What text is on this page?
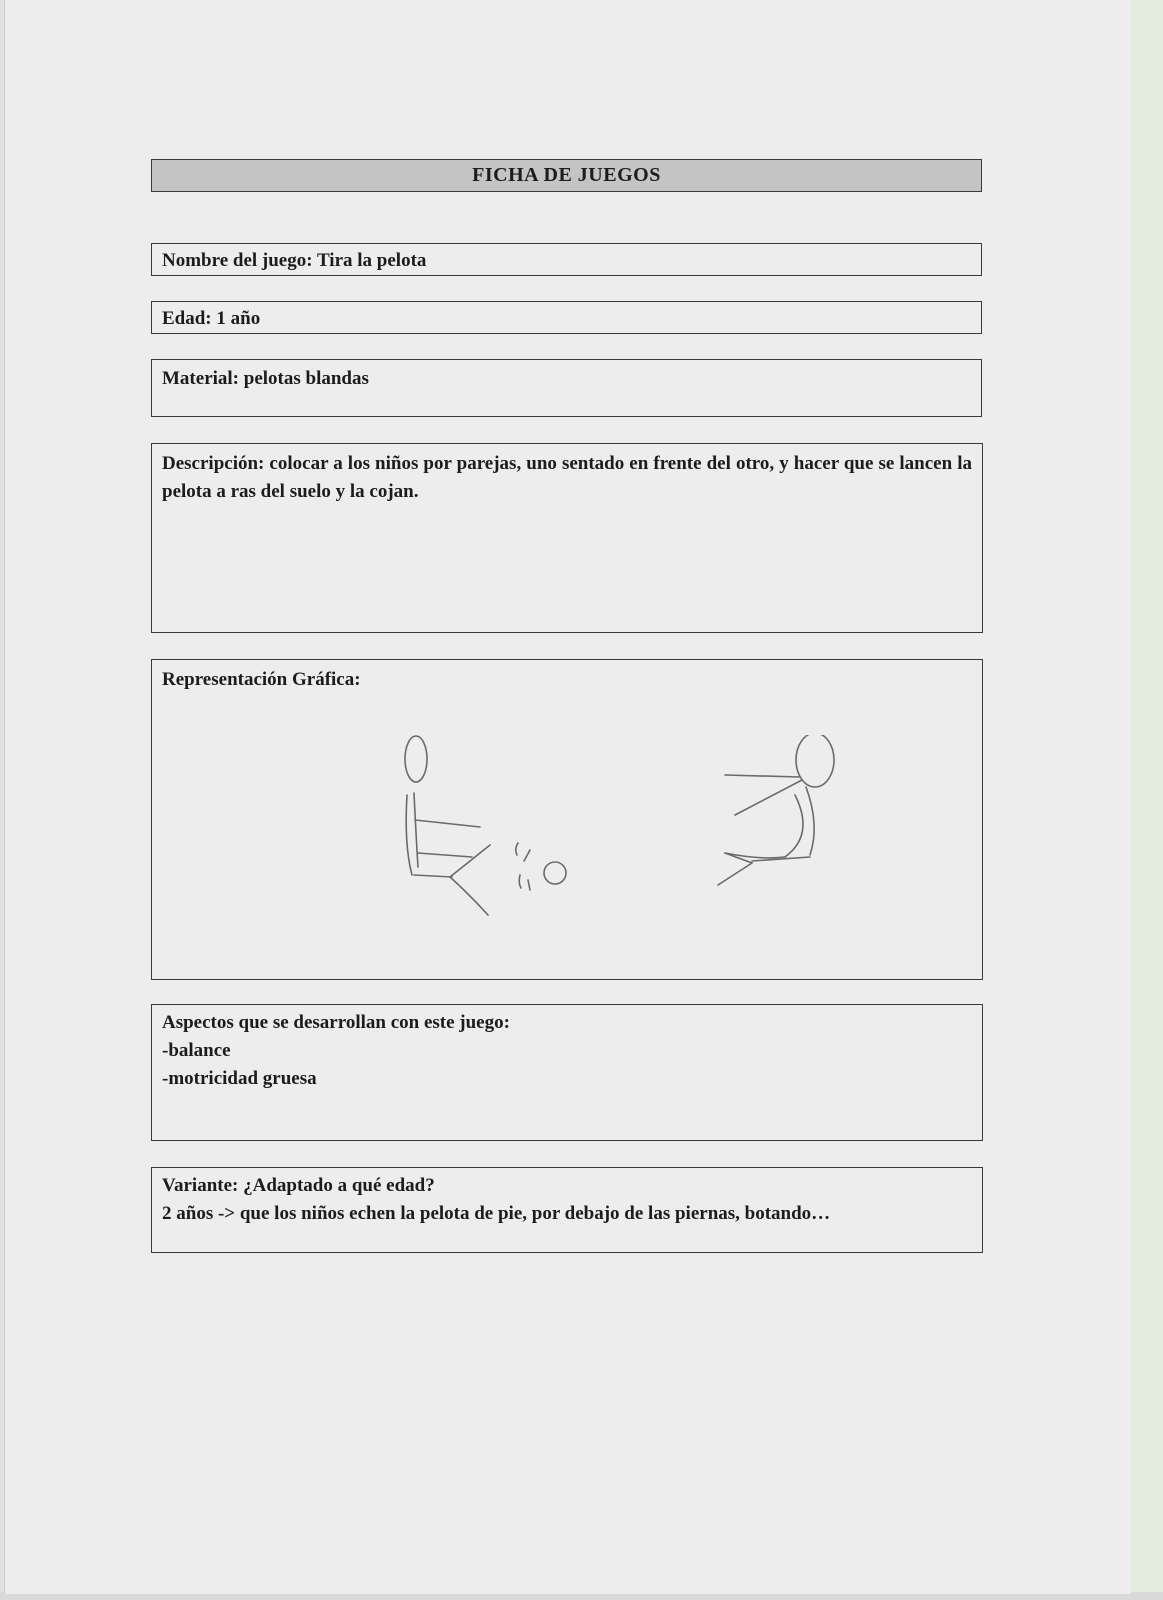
FICHA DE JUEGOS
Nombre del juego: Tira la pelota
Edad: 1 año
Material: pelotas blandas
Descripción: colocar a los niños por parejas, uno sentado en frente del otro, y hacer que se lancen la pelota a ras del suelo y la cojan.
Representación Gráfica:
Aspectos que se desarrollan con este juego:
-balance
-motricidad gruesa
Variante: ¿Adaptado a qué edad?
2 años -> que los niños echen la pelota de pie, por debajo de las piernas, botando…
